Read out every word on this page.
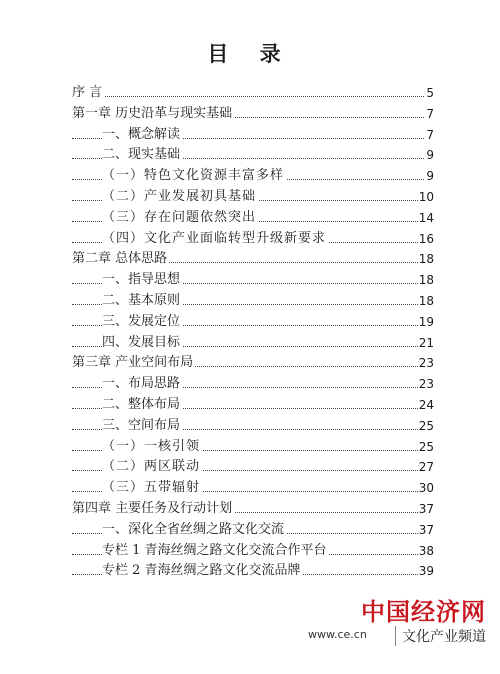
目 录
序 言	5
第一章 历史沿革与现实基础	7
一、概念解读	7
二、现实基础	9
（一）特色文化资源丰富多样	9
（二）产业发展初具基础	10
（三）存在问题依然突出	14
（四）文化产业面临转型升级新要求	16
第二章 总体思路	18
一、指导思想	18
二、基本原则	18
三、发展定位	19
四、发展目标	21
第三章 产业空间布局	23
一、布局思路	23
二、整体布局	24
三、空间布局	25
（一）一核引领	25
（二）两区联动	27
（三）五带辐射	30
第四章 主要任务及行动计划	37
一、深化全省丝绸之路文化交流	37
专栏 1 青海丝绸之路文化交流合作平台	38
专栏 2 青海丝绸之路文化交流品牌	39
中国经济网
www.ce.cn	文化产业频道
